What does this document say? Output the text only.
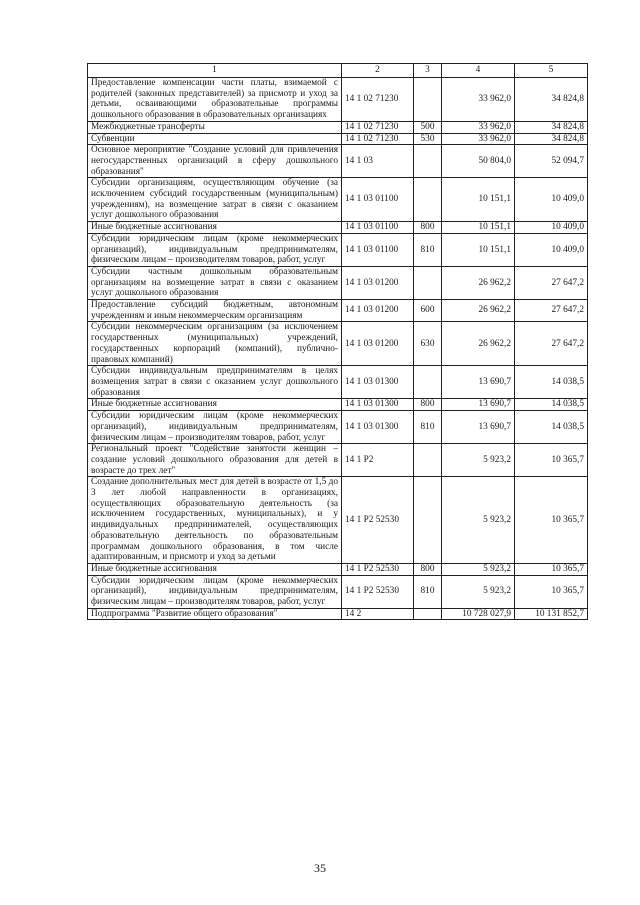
1	2	3	4	5
Предоставление компенсации части платы, взимаемой с родителей (законных представителей) за присмотр и уход за детьми, осваивающими образовательные программы дошкольного образования в образовательных организациях	14 1 02 71230		33 962,0	34 824,8
Межбюджетные трансферты	14 1 02 71230	500	33 962,0	34 824,8
Субвенции	14 1 02 71230	530	33 962,0	34 824,8
Основное мероприятие "Создание условий для привлечения негосударственных организаций в сферу дошкольного образования"	14 1 03		50 804,0	52 094,7
Субсидии организациям, осуществляющим обучение (за исключением субсидий государственным (муниципальным) учреждениям), на возмещение затрат в связи с оказанием услуг дошкольного образования	14 1 03 01100		10 151,1	10 409,0
Иные бюджетные ассигнования	14 1 03 01100	800	10 151,1	10 409,0
Субсидии юридическим лицам (кроме некоммерческих организаций), индивидуальным предпринимателям, физическим лицам – производителям товаров, работ, услуг	14 1 03 01100	810	10 151,1	10 409,0
Субсидии частным дошкольным образовательным организациям на возмещение затрат в связи с оказанием услуг дошкольного образования	14 1 03 01200		26 962,2	27 647,2
Предоставление субсидий бюджетным, автономным учреждениям и иным некоммерческим организациям	14 1 03 01200	600	26 962,2	27 647,2
Субсидии некоммерческим организациям (за исключением государственных (муниципальных) учреждений, государственных корпораций (компаний), публично-правовых компаний)	14 1 03 01200	630	26 962,2	27 647,2
Субсидии индивидуальным предпринимателям в целях возмещения затрат в связи с оказанием услуг дошкольного образования	14 1 03 01300		13 690,7	14 038,5
Иные бюджетные ассигнования	14 1 03 01300	800	13 690,7	14 038,5
Субсидии юридическим лицам (кроме некоммерческих организаций), индивидуальным предпринимателям, физическим лицам – производителям товаров, работ, услуг	14 1 03 01300	810	13 690,7	14 038,5
Региональный проект "Содействие занятости женщин – создание условий дошкольного образования для детей в возрасте до трех лет"	14 1 P2		5 923,2	10 365,7
Создание дополнительных мест для детей в возрасте от 1,5 до 3 лет любой направленности в организациях, осуществляющих образовательную деятельность (за исключением государственных, муниципальных), и у индивидуальных предпринимателей, осуществляющих образовательную деятельность по образовательным программам дошкольного образования, в том числе адаптированным, и присмотр и уход за детьми	14 1 P2 52530		5 923,2	10 365,7
Иные бюджетные ассигнования	14 1 P2 52530	800	5 923,2	10 365,7
Субсидии юридическим лицам (кроме некоммерческих организаций), индивидуальным предпринимателям, физическим лицам – производителям товаров, работ, услуг	14 1 P2 52530	810	5 923,2	10 365,7
Подпрограмма "Развитие общего образования"	14 2		10 728 027,9	10 131 852,7
35
